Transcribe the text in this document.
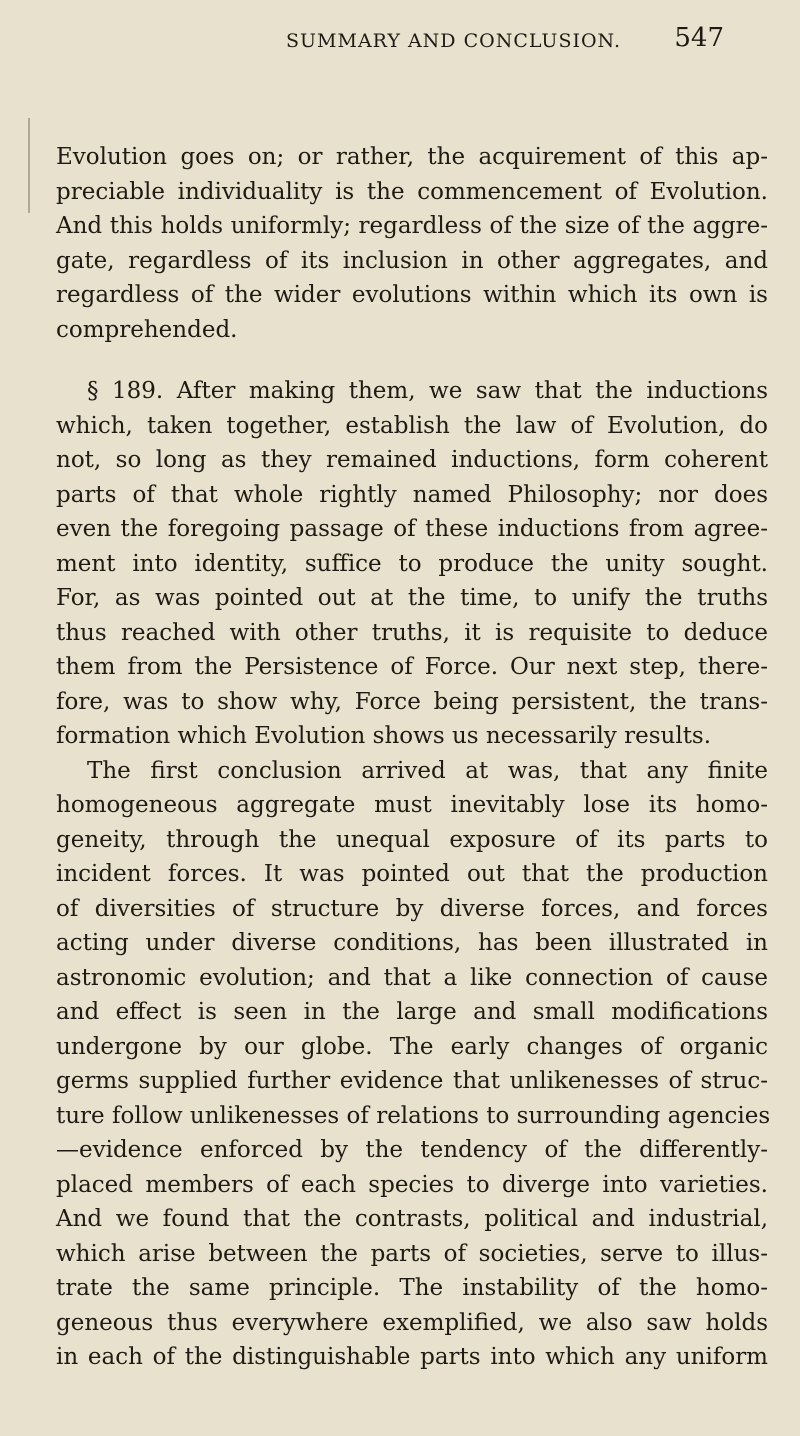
SUMMARY AND CONCLUSION. 547
Evolution goes on; or rather, the acquirement of this ap-
preciable individuality is the commencement of Evolution.
And this holds uniformly; regardless of the size of the aggre-
gate, regardless of its inclusion in other aggregates, and
regardless of the wider evolutions within which its own is
comprehended.
§ 189. After making them, we saw that the inductions
which, taken together, establish the law of Evolution, do
not, so long as they remained inductions, form coherent
parts of that whole rightly named Philosophy; nor does
even the foregoing passage of these inductions from agree-
ment into identity, suffice to produce the unity sought.
For, as was pointed out at the time, to unify the truths
thus reached with other truths, it is requisite to deduce
them from the Persistence of Force. Our next step, there-
fore, was to show why, Force being persistent, the trans-
formation which Evolution shows us necessarily results.
The first conclusion arrived at was, that any finite
homogeneous aggregate must inevitably lose its homo-
geneity, through the unequal exposure of its parts to
incident forces. It was pointed out that the production
of diversities of structure by diverse forces, and forces
acting under diverse conditions, has been illustrated in
astronomic evolution; and that a like connection of cause
and effect is seen in the large and small modifications
undergone by our globe. The early changes of organic
germs supplied further evidence that unlikenesses of struc-
ture follow unlikenesses of relations to surrounding agencies
—evidence enforced by the tendency of the differently-
placed members of each species to diverge into varieties.
And we found that the contrasts, political and industrial,
which arise between the parts of societies, serve to illus-
trate the same principle. The instability of the homo-
geneous thus everywhere exemplified, we also saw holds
in each of the distinguishable parts into which any uniform
